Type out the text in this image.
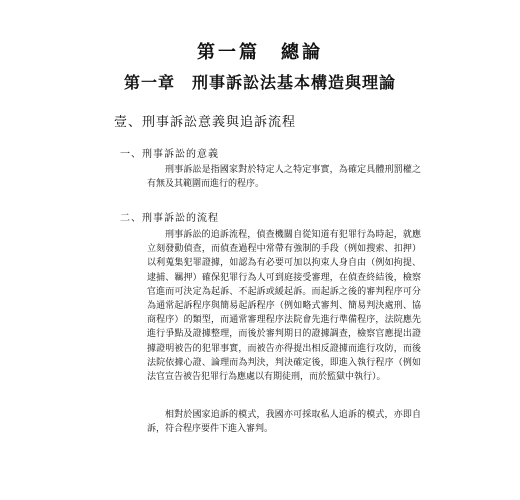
第一篇　總論
第一章　刑事訴訟法基本構造與理論
壹、刑事訴訟意義與追訴流程
一、刑事訴訟的意義

刑事訴訟是指國家對於特定人之特定事實，為確定具體刑罰權之有無及其範圍而進行的程序。

二、刑事訴訟的流程

刑事訴訟的追訴流程，偵查機關自從知道有犯罪行為時起，就應立刻發動偵查，而偵查過程中常帶有強制的手段（例如搜索、扣押）以利蒐集犯罪證據，如認為有必要可加以拘束人身自由（例如拘提、逮捕、羈押）確保犯罪行為人可到庭接受審理，在偵查終結後，檢察官進而可決定為起訴、不起訴或緩起訴。而起訴之後的審判程序可分為通常起訴程序與簡易起訴程序（例如略式審判、簡易判決處刑、協商程序）的類型，而通常審理程序法院會先進行準備程序，法院應先進行爭點及證據整理，而後於審判期日的證據調查，檢察官應提出證據證明被告的犯罪事實，而被告亦得提出相反證據而進行攻防，而後法院依據心證、論理而為判決，判決確定後，即進入執行程序（例如法官宣告被告犯罪行為應處以有期徒刑，而於監獄中執行）。

相對於國家追訴的模式，我國亦可採取私人追訴的模式，亦即自訴，符合程序要件下進入審判。
